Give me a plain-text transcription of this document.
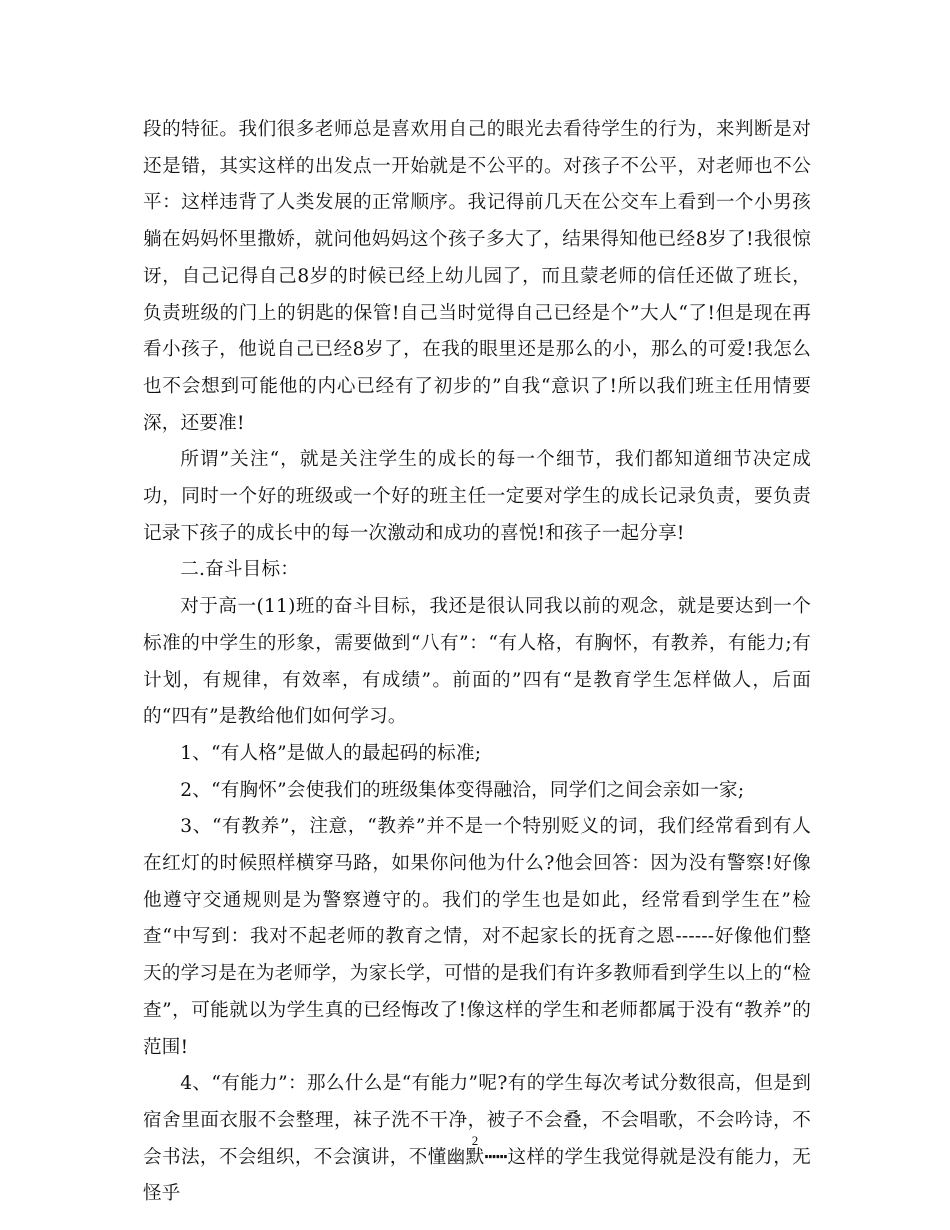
段的特征。我们很多老师总是喜欢用自己的眼光去看待学生的行为，来判断是对还是错，其实这样的出发点一开始就是不公平的。对孩子不公平，对老师也不公平：这样违背了人类发展的正常顺序。我记得前几天在公交车上看到一个小男孩躺在妈妈怀里撒娇，就问他妈妈这个孩子多大了，结果得知他已经8岁了!我很惊讶，自己记得自己8岁的时候已经上幼儿园了，而且蒙老师的信任还做了班长，负责班级的门上的钥匙的保管!自己当时觉得自己已经是个”大人“了!但是现在再看小孩子，他说自己已经8岁了，在我的眼里还是那么的小，那么的可爱!我怎么也不会想到可能他的内心已经有了初步的”自我“意识了!所以我们班主任用情要深，还要准!

所谓”关注“，就是关注学生的成长的每一个细节，我们都知道细节决定成功，同时一个好的班级或一个好的班主任一定要对学生的成长记录负责，要负责记录下孩子的成长中的每一次激动和成功的喜悦!和孩子一起分享!

二.奋斗目标：

对于高一(11)班的奋斗目标，我还是很认同我以前的观念，就是要达到一个标准的中学生的形象，需要做到“八有”：“有人格，有胸怀，有教养，有能力;有计划，有规律，有效率，有成绩”。前面的”四有“是教育学生怎样做人，后面的“四有”是教给他们如何学习。

1、“有人格”是做人的最起码的标准;

2、“有胸怀”会使我们的班级集体变得融洽，同学们之间会亲如一家;

3、“有教养”，注意，“教养”并不是一个特别贬义的词，我们经常看到有人在红灯的时候照样横穿马路，如果你问他为什么?他会回答：因为没有警察!好像他遵守交通规则是为警察遵守的。我们的学生也是如此，经常看到学生在”检查“中写到：我对不起老师的教育之情，对不起家长的抚育之恩------好像他们整天的学习是在为老师学，为家长学，可惜的是我们有许多教师看到学生以上的“检查”，可能就以为学生真的已经悔改了!像这样的学生和老师都属于没有“教养”的范围!

4、“有能力”：那么什么是“有能力”呢?有的学生每次考试分数很高，但是到宿舍里面衣服不会整理，袜子洗不干净，被子不会叠，不会唱歌，不会吟诗，不会书法，不会组织，不会演讲，不懂幽默┅┅这样的学生我觉得就是没有能力，无怪乎

2
